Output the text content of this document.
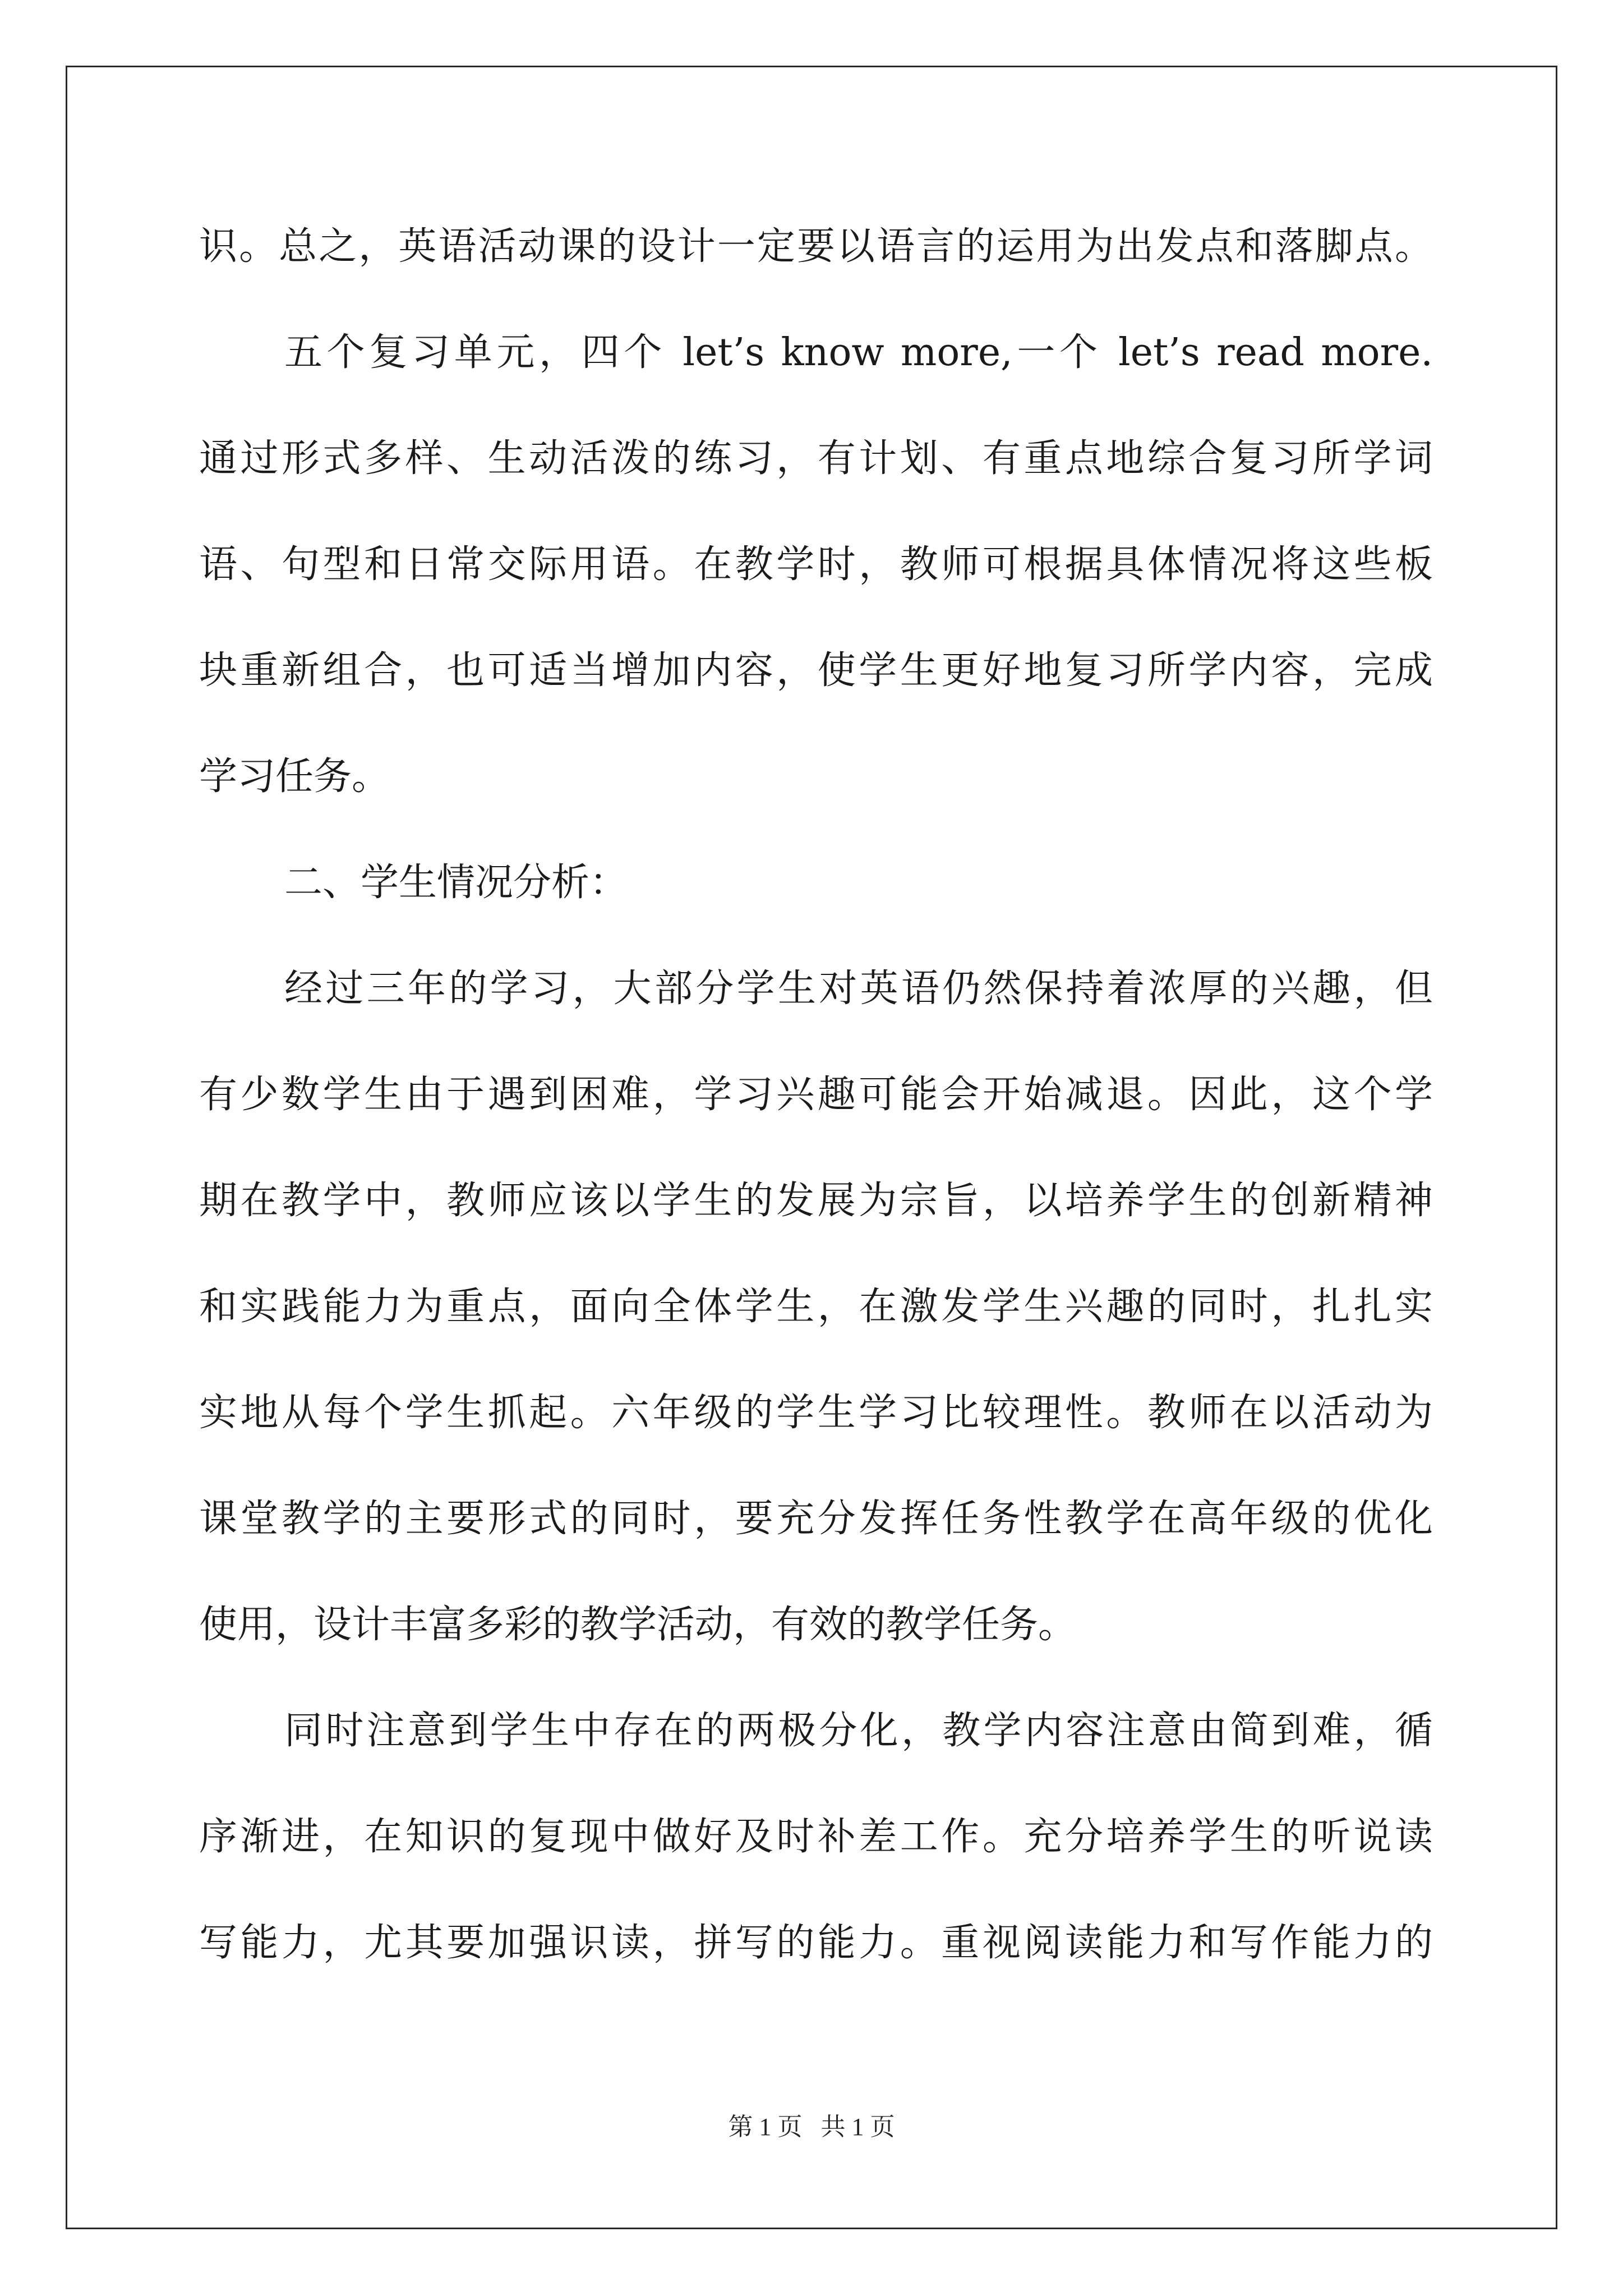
识。总之，英语活动课的设计一定要以语言的运用为出发点和落脚点。
五个复习单元，四个 let’s know more,一个 let’s read more.
通过形式多样、生动活泼的练习，有计划、有重点地综合复习所学词
语、句型和日常交际用语。在教学时，教师可根据具体情况将这些板
块重新组合，也可适当增加内容，使学生更好地复习所学内容，完成
学习任务。
二、学生情况分析：
经过三年的学习，大部分学生对英语仍然保持着浓厚的兴趣，但
有少数学生由于遇到困难，学习兴趣可能会开始减退。因此，这个学
期在教学中，教师应该以学生的发展为宗旨，以培养学生的创新精神
和实践能力为重点，面向全体学生，在激发学生兴趣的同时，扎扎实
实地从每个学生抓起。六年级的学生学习比较理性。教师在以活动为
课堂教学的主要形式的同时，要充分发挥任务性教学在高年级的优化
使用，设计丰富多彩的教学活动，有效的教学任务。
同时注意到学生中存在的两极分化，教学内容注意由简到难，循
序渐进，在知识的复现中做好及时补差工作。充分培养学生的听说读
写能力，尤其要加强识读，拼写的能力。重视阅读能力和写作能力的
第 1 页   共 1 页
